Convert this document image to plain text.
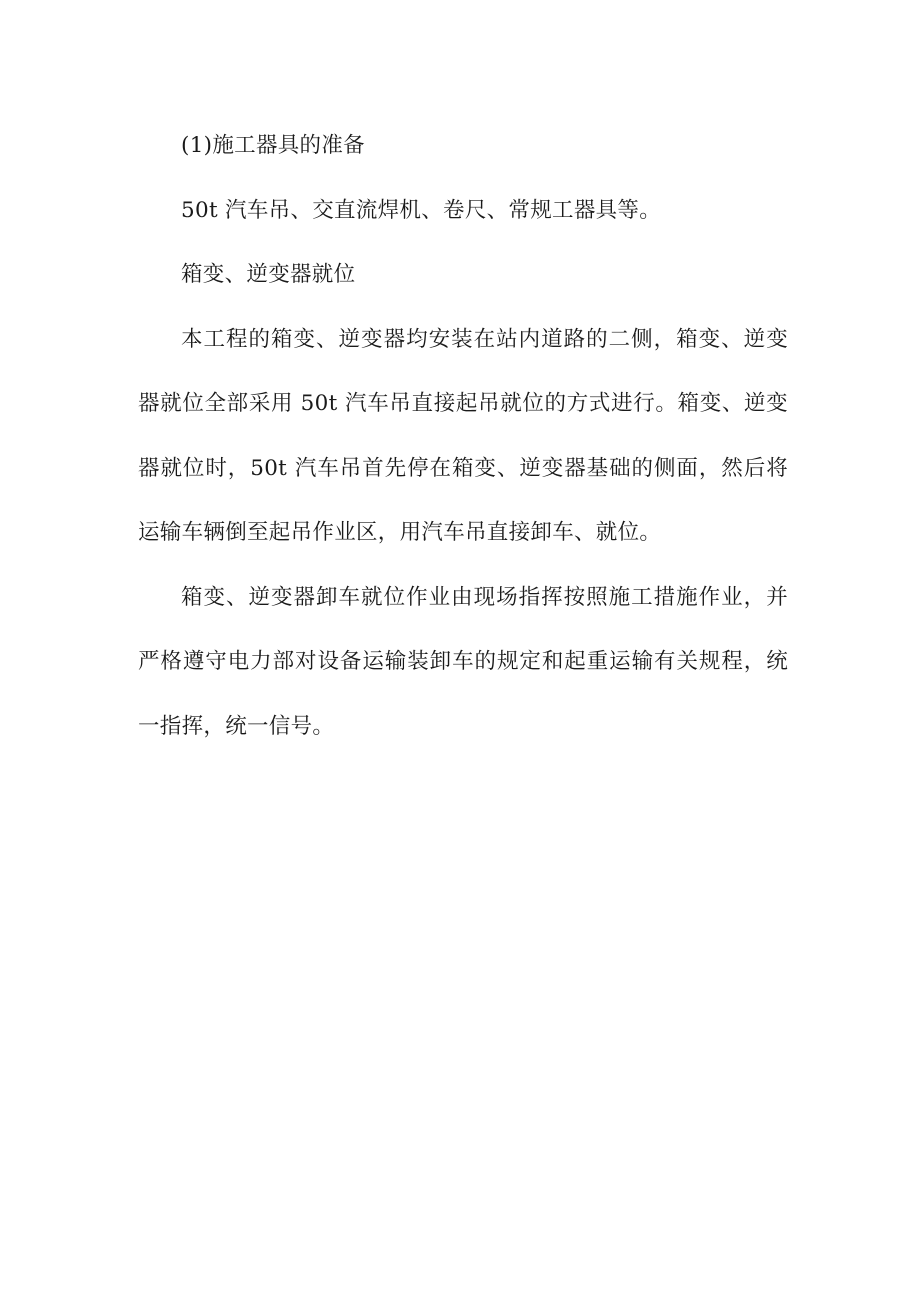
(1)施工器具的准备

50t 汽车吊、交直流焊机、卷尺、常规工器具等。

箱变、逆变器就位

本工程的箱变、逆变器均安装在站内道路的二侧，箱变、逆变器就位全部采用 50t 汽车吊直接起吊就位的方式进行。箱变、逆变器就位时，50t 汽车吊首先停在箱变、逆变器基础的侧面，然后将运输车辆倒至起吊作业区，用汽车吊直接卸车、就位。

箱变、逆变器卸车就位作业由现场指挥按照施工措施作业，并严格遵守电力部对设备运输装卸车的规定和起重运输有关规程，统一指挥，统一信号。
